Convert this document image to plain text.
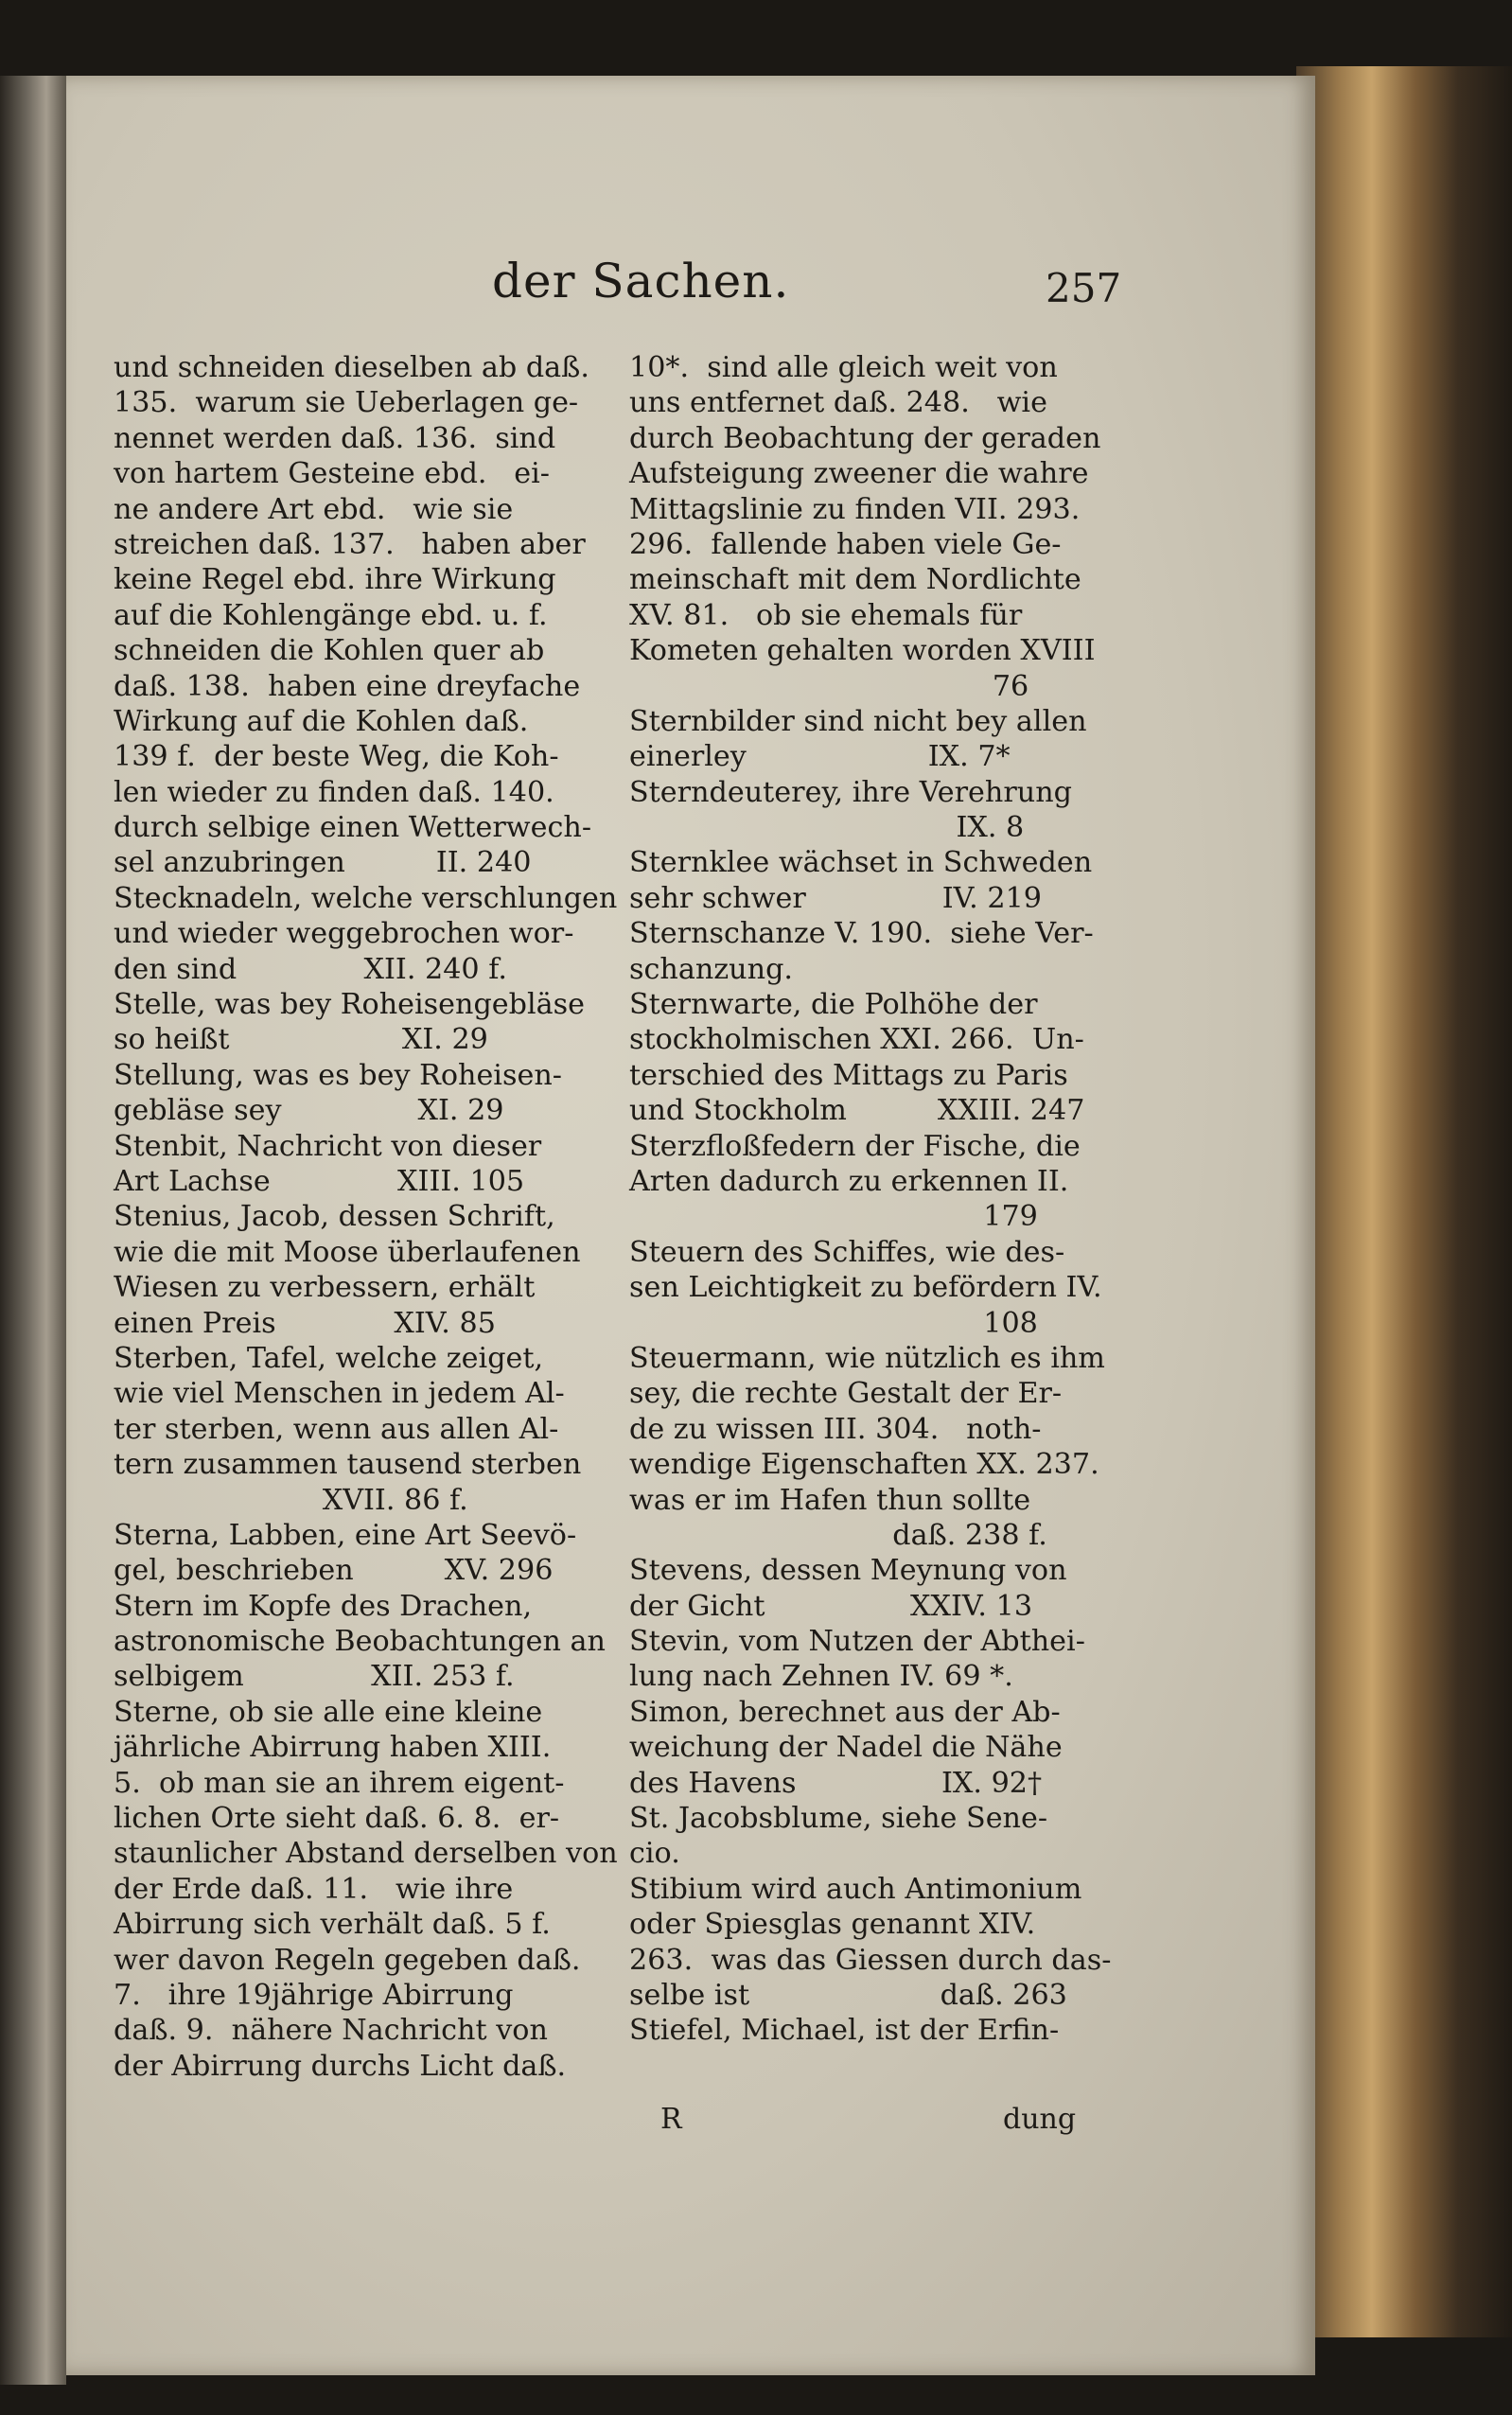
der Sachen.	257
und schneiden dieselben ab daß.
135.  warum sie Ueberlagen ge-
nennet werden daß. 136.  sind
von hartem Gesteine ebd.   ei-
ne andere Art ebd.   wie sie
streichen daß. 137.   haben aber
keine Regel ebd. ihre Wirkung
auf die Kohlengänge ebd. u. f.
schneiden die Kohlen quer ab
daß. 138.  haben eine dreyfache
Wirkung auf die Kohlen daß.
139 f.  der beste Weg, die Koh-
len wieder zu finden daß. 140.
durch selbige einen Wetterwech-
sel anzubringen          II. 240
Stecknadeln, welche verschlungen
und wieder weggebrochen wor-
den sind              XII. 240 f.
Stelle, was bey Roheisengebläse
so heißt                   XI. 29
Stellung, was es bey Roheisen-
gebläse sey               XI. 29
Stenbit, Nachricht von dieser
Art Lachse              XIII. 105
Stenius, Jacob, dessen Schrift,
wie die mit Moose überlaufenen
Wiesen zu verbessern, erhält
einen Preis             XIV. 85
Sterben, Tafel, welche zeiget,
wie viel Menschen in jedem Al-
ter sterben, wenn aus allen Al-
tern zusammen tausend sterben
XVII. 86 f.
Sterna, Labben, eine Art Seevö-
gel, beschrieben          XV. 296
Stern im Kopfe des Drachen,
astronomische Beobachtungen an
selbigem              XII. 253 f.
Sterne, ob sie alle eine kleine
jährliche Abirrung haben XIII.
5.  ob man sie an ihrem eigent-
lichen Orte sieht daß. 6. 8.  er-
staunlicher Abstand derselben von
der Erde daß. 11.   wie ihre
Abirrung sich verhält daß. 5 f.
wer davon Regeln gegeben daß.
7.   ihre 19jährige Abirrung
daß. 9.  nähere Nachricht von
der Abirrung durchs Licht daß.
10*.  sind alle gleich weit von
uns entfernet daß. 248.   wie
durch Beobachtung der geraden
Aufsteigung zweener die wahre
Mittagslinie zu finden VII. 293.
296.  fallende haben viele Ge-
meinschaft mit dem Nordlichte
XV. 81.   ob sie ehemals für
Kometen gehalten worden XVIII
76
Sternbilder sind nicht bey allen
einerley                    IX. 7*
Sterndeuterey, ihre Verehrung
IX. 8
Sternklee wächset in Schweden
sehr schwer               IV. 219
Sternschanze V. 190.  siehe Ver-
schanzung.
Sternwarte, die Polhöhe der
stockholmischen XXI. 266.  Un-
terschied des Mittags zu Paris
und Stockholm          XXIII. 247
Sterzfloßfedern der Fische, die
Arten dadurch zu erkennen II.
179
Steuern des Schiffes, wie des-
sen Leichtigkeit zu befördern IV.
108
Steuermann, wie nützlich es ihm
sey, die rechte Gestalt der Er-
de zu wissen III. 304.   noth-
wendige Eigenschaften XX. 237.
was er im Hafen thun sollte
daß. 238 f.
Stevens, dessen Meynung von
der Gicht                XXIV. 13
Stevin, vom Nutzen der Abthei-
lung nach Zehnen IV. 69 *.
Simon, berechnet aus der Ab-
weichung der Nadel die Nähe
des Havens                IX. 92†
St. Jacobsblume, siehe Sene-
cio.
Stibium wird auch Antimonium
oder Spiesglas genannt XIV.
263.  was das Giessen durch das-
selbe ist                     daß. 263
Stiefel, Michael, ist der Erfin-
R	dung
